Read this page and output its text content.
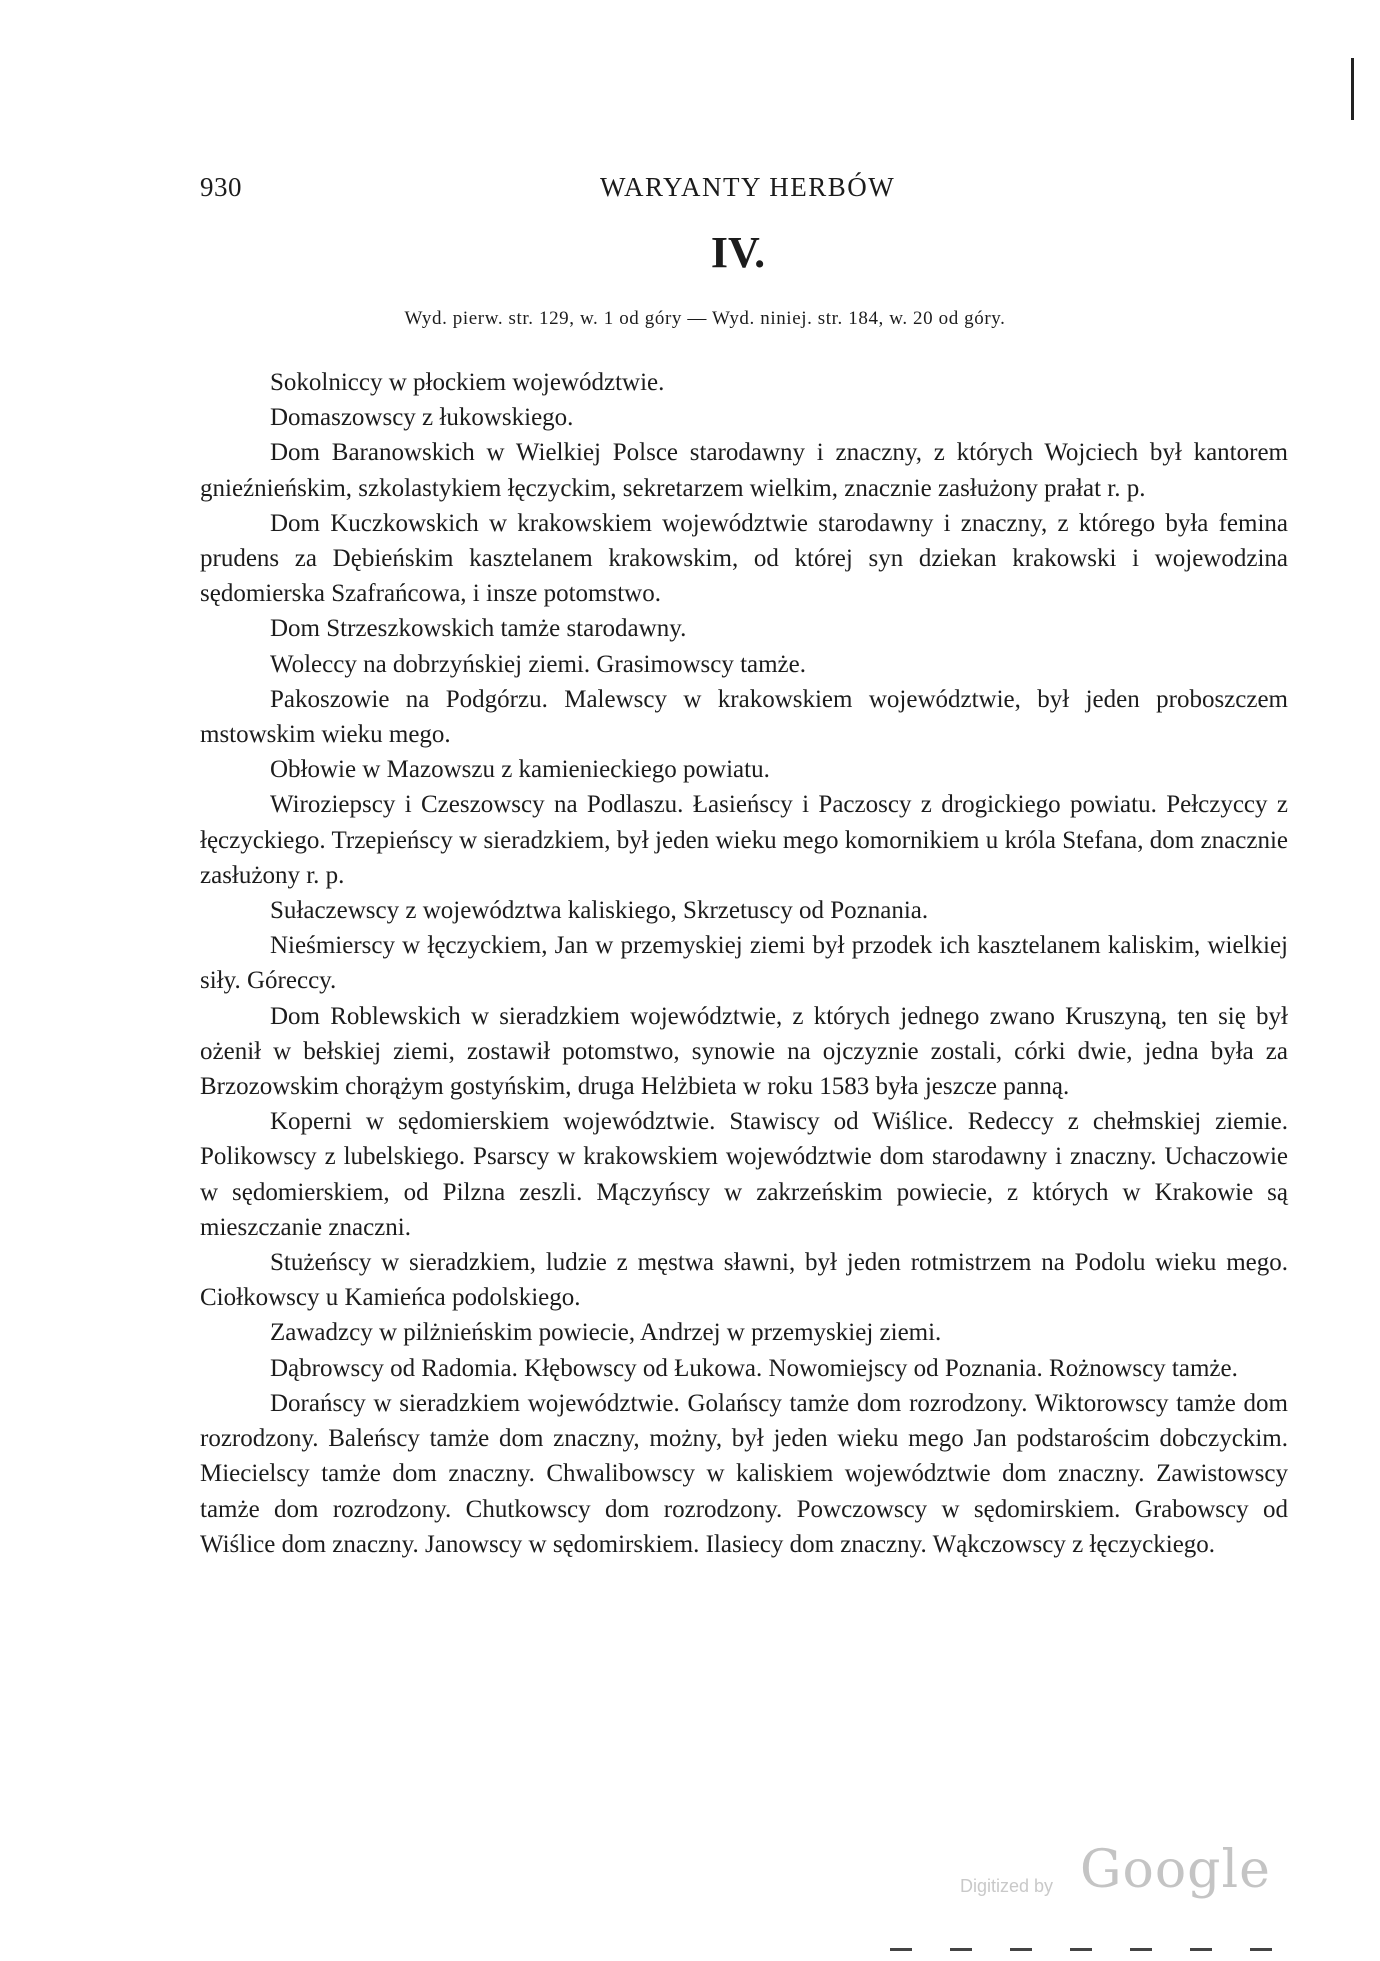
930	WARYANTY HERBÓW
IV.
Wyd. pierw. str. 129, w. 1 od góry — Wyd. niniej. str. 184, w. 20 od góry.

Sokolniccy w płockiem województwie.

Domaszowscy z łukowskiego.

Dom Baranowskich w Wielkiej Polsce starodawny i znaczny, z których Wojciech był kantorem gnieźnieńskim, szkolastykiem łęczyckim, sekretarzem wielkim, znacznie zasłużony prałat r. p.

Dom Kuczkowskich w krakowskiem województwie starodawny i znaczny, z którego była femina prudens za Dębieńskim kasztelanem krakowskim, od której syn dziekan krakowski i wojewodzina sędomierska Szafrańcowa, i insze potomstwo.

Dom Strzeszkowskich tamże starodawny.

Woleccy na dobrzyńskiej ziemi. Grasimowscy tamże.

Pakoszowie na Podgórzu. Malewscy w krakowskiem województwie, był jeden proboszczem mstowskim wieku mego.

Obłowie w Mazowszu z kamienieckiego powiatu.

Wiroziepscy i Czeszowscy na Podlaszu. Łasieńscy i Paczoscy z drogickiego powiatu. Pełczyccy z łęczyckiego. Trzepieńscy w sieradzkiem, był jeden wieku mego komornikiem u króla Stefana, dom znacznie zasłużony r. p.

Sułaczewscy z województwa kaliskiego, Skrzetuscy od Poznania.

Nieśmierscy w łęczyckiem, Jan w przemyskiej ziemi był przodek ich kasztelanem kaliskim, wielkiej siły. Góreccy.

Dom Roblewskich w sieradzkiem województwie, z których jednego zwano Kruszyną, ten się był ożenił w bełskiej ziemi, zostawił potomstwo, synowie na ojczyznie zostali, córki dwie, jedna była za Brzozowskim chorążym gostyńskim, druga Helżbieta w roku 1583 była jeszcze panną.

Koperni w sędomierskiem województwie. Stawiscy od Wiślice. Redeccy z chełmskiej ziemie. Polikowscy z lubelskiego. Psarscy w krakowskiem województwie dom starodawny i znaczny. Uchaczowie w sędomierskiem, od Pilzna zeszli. Mączyńscy w zakrzeńskim powiecie, z których w Krakowie są mieszczanie znaczni.

Stużeńscy w sieradzkiem, ludzie z męstwa sławni, był jeden rotmistrzem na Podolu wieku mego. Ciołkowscy u Kamieńca podolskiego.

Zawadzcy w pilżnieńskim powiecie, Andrzej w przemyskiej ziemi.

Dąbrowscy od Radomia. Kłębowscy od Łukowa. Nowomiejscy od Poznania. Rożnowscy tamże.

Dorańscy w sieradzkiem województwie. Golańscy tamże dom rozrodzony. Wiktorowscy tamże dom rozrodzony. Baleńscy tamże dom znaczny, możny, był jeden wieku mego Jan podstarościm dobczyckim. Miecielscy tamże dom znaczny. Chwalibowscy w kaliskiem województwie dom znaczny. Zawistowscy tamże dom rozrodzony. Chutkowscy dom rozrodzony. Powczowscy w sędomirskiem. Grabowscy od Wiślice dom znaczny. Janowscy w sędomirskiem. Ilasiecy dom znaczny. Wąkczowscy z łęczyckiego.

Digitized by Google
